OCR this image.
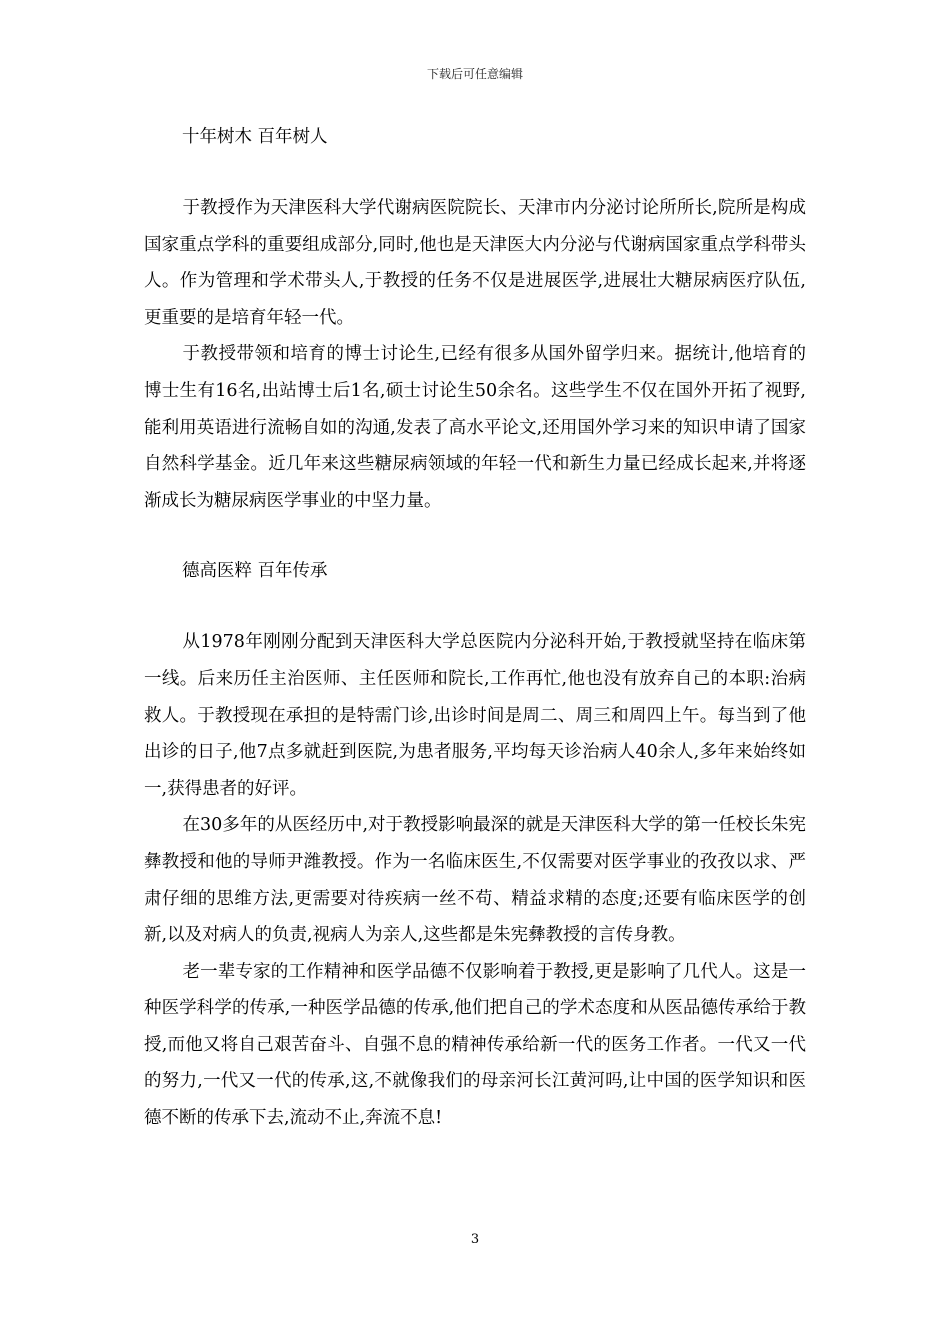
下载后可任意编辑
十年树木 百年树人

于教授作为天津医科大学代谢病医院院长、天津市内分泌讨论所所长,院所是构成国家重点学科的重要组成部分,同时,他也是天津医大内分泌与代谢病国家重点学科带头人。作为管理和学术带头人,于教授的任务不仅是进展医学,进展壮大糖尿病医疗队伍,更重要的是培育年轻一代。

于教授带领和培育的博士讨论生,已经有很多从国外留学归来。据统计,他培育的博士生有16名,出站博士后1名,硕士讨论生50余名。这些学生不仅在国外开拓了视野,能利用英语进行流畅自如的沟通,发表了高水平论文,还用国外学习来的知识申请了国家自然科学基金。近几年来这些糖尿病领域的年轻一代和新生力量已经成长起来,并将逐渐成长为糖尿病医学事业的中坚力量。

德高医粹 百年传承

从1978年刚刚分配到天津医科大学总医院内分泌科开始,于教授就坚持在临床第一线。后来历任主治医师、主任医师和院长,工作再忙,他也没有放弃自己的本职:治病救人。于教授现在承担的是特需门诊,出诊时间是周二、周三和周四上午。每当到了他出诊的日子,他7点多就赶到医院,为患者服务,平均每天诊治病人40余人,多年来始终如一,获得患者的好评。

在30多年的从医经历中,对于教授影响最深的就是天津医科大学的第一任校长朱宪彝教授和他的导师尹潍教授。作为一名临床医生,不仅需要对医学事业的孜孜以求、严肃仔细的思维方法,更需要对待疾病一丝不苟、精益求精的态度;还要有临床医学的创新,以及对病人的负责,视病人为亲人,这些都是朱宪彝教授的言传身教。

老一辈专家的工作精神和医学品德不仅影响着于教授,更是影响了几代人。这是一种医学科学的传承,一种医学品德的传承,他们把自己的学术态度和从医品德传承给于教授,而他又将自己艰苦奋斗、自强不息的精神传承给新一代的医务工作者。一代又一代的努力,一代又一代的传承,这,不就像我们的母亲河长江黄河吗,让中国的医学知识和医德不断的传承下去,流动不止,奔流不息!

3
